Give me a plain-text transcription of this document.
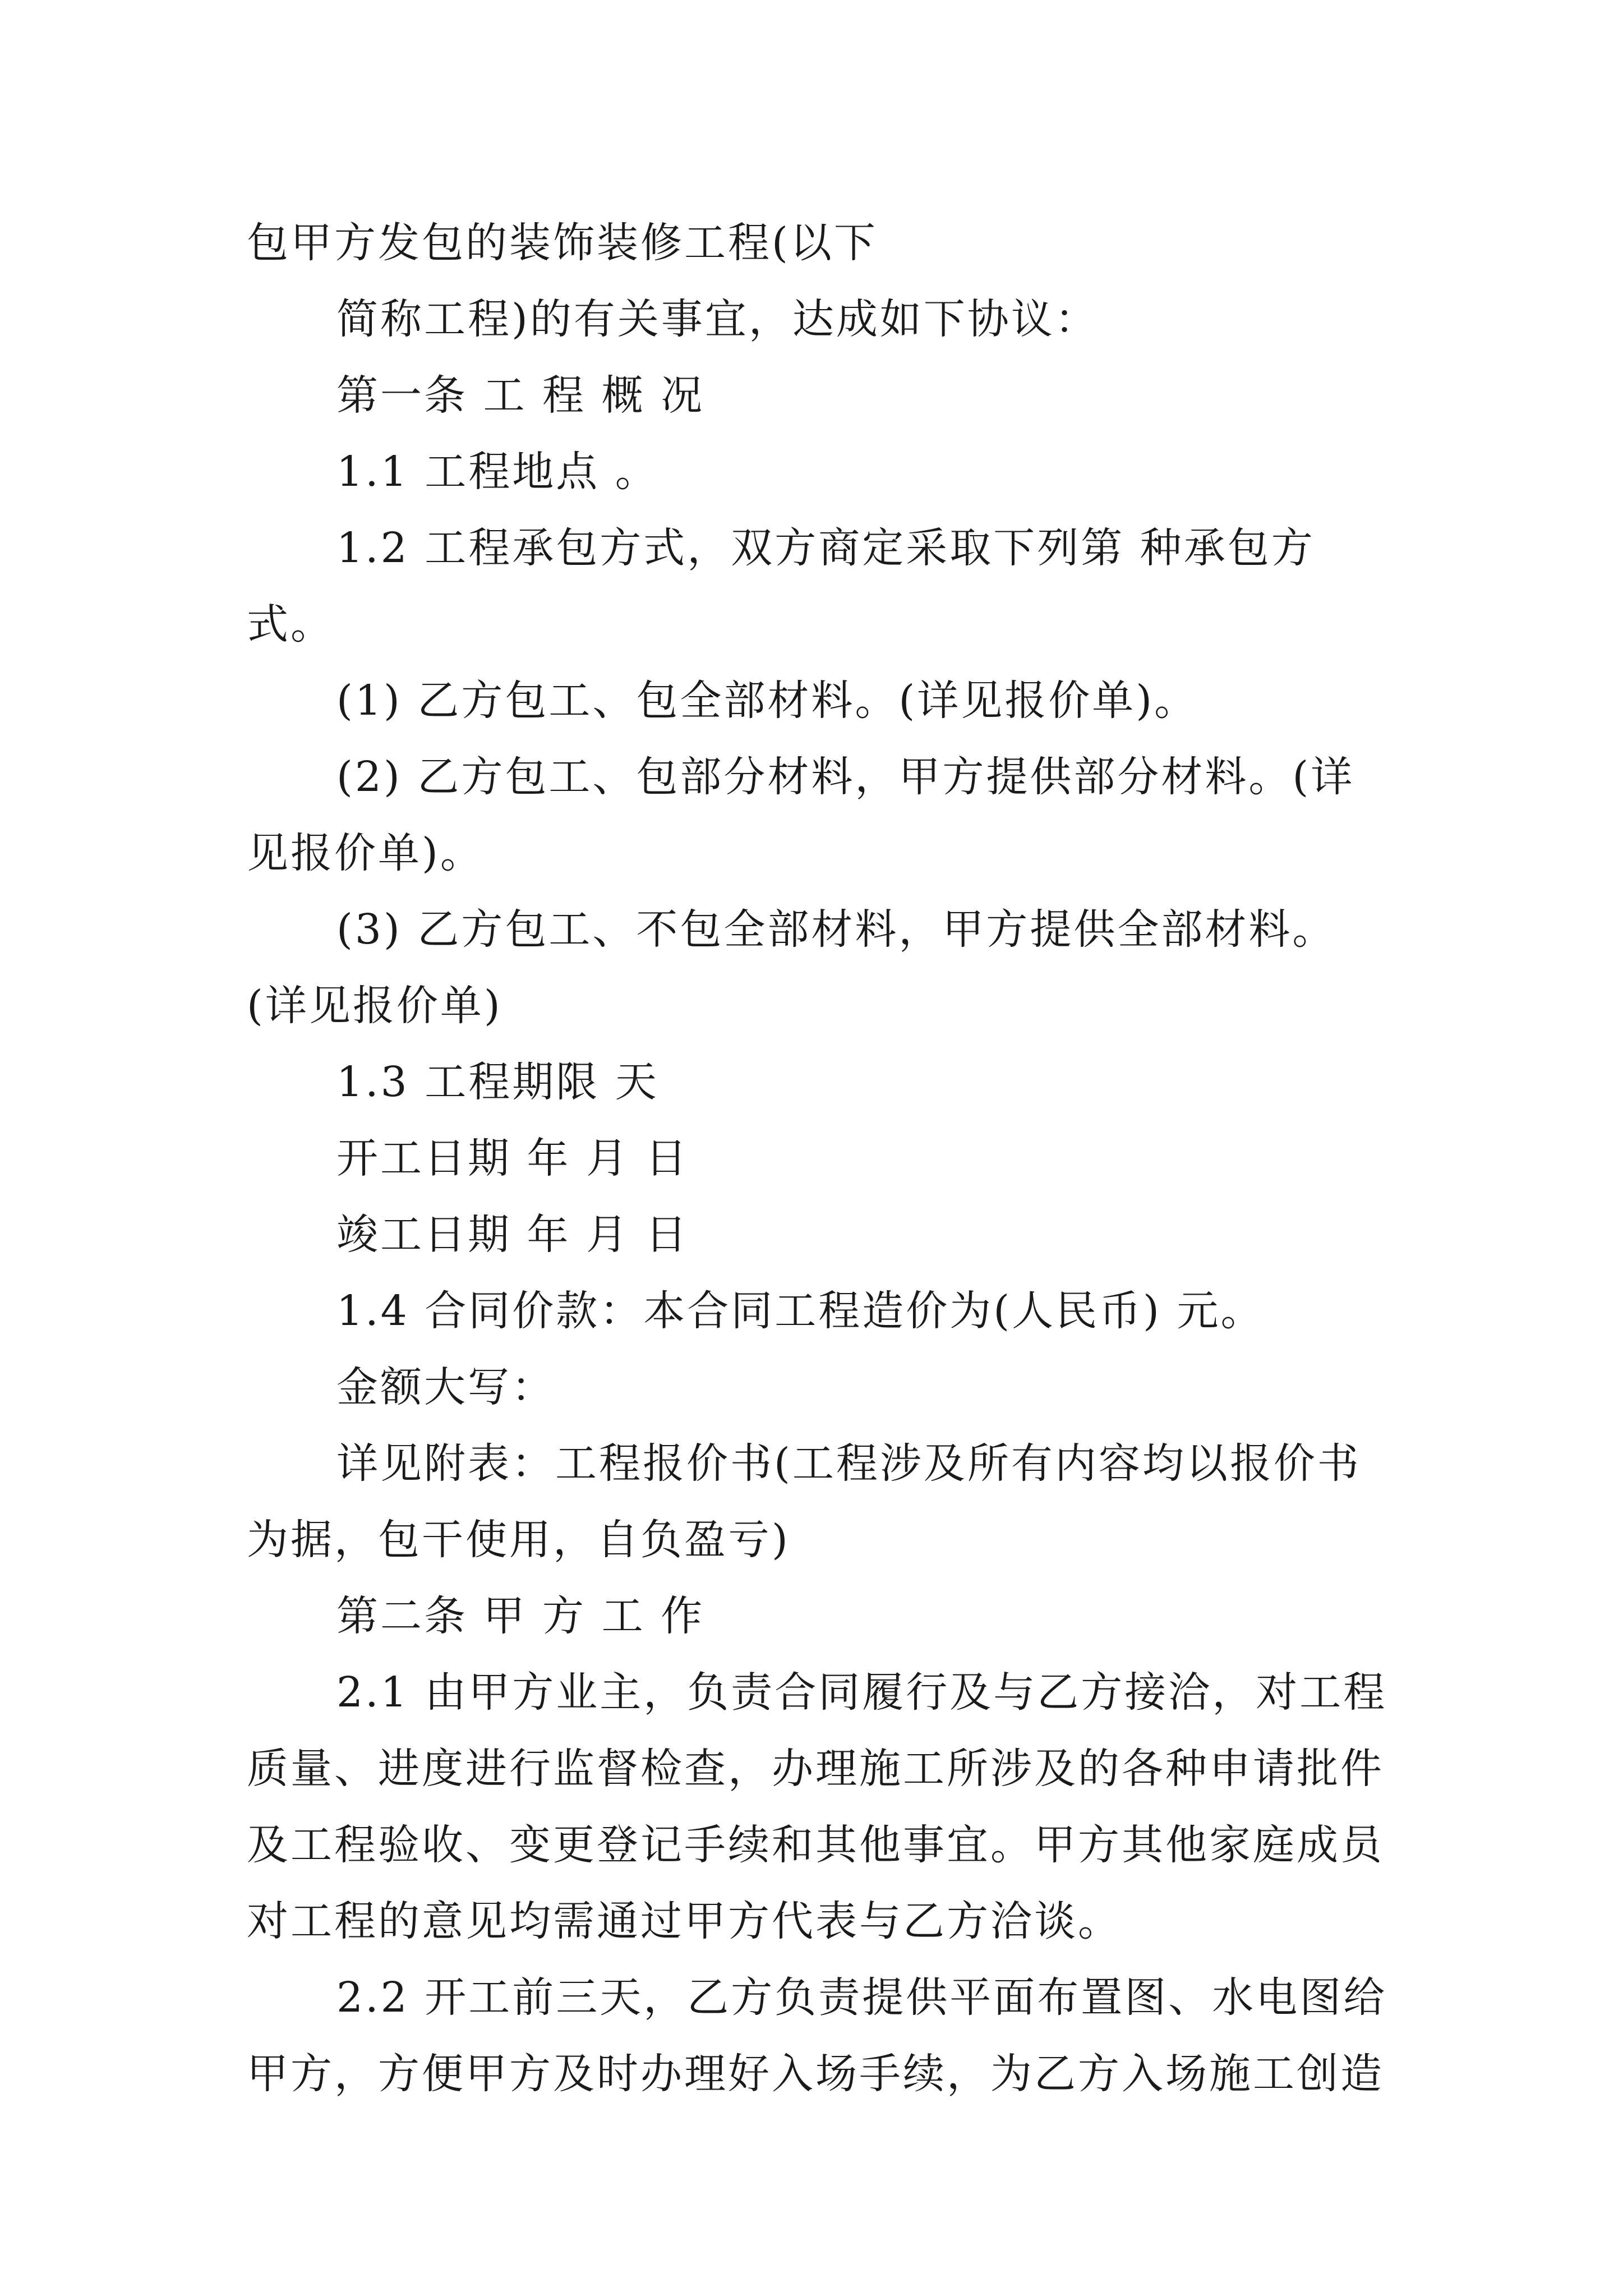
包甲方发包的装饰装修工程(以下

简称工程)的有关事宜，达成如下协议：

第一条 工 程 概 况

1.1 工程地点 。

1.2 工程承包方式，双方商定采取下列第 种承包方式。

(1) 乙方包工、包全部材料。(详见报价单)。

(2) 乙方包工、包部分材料，甲方提供部分材料。(详见报价单)。

(3) 乙方包工、不包全部材料，甲方提供全部材料。(详见报价单)

1.3 工程期限 天

开工日期 年 月 日

竣工日期 年 月 日

1.4 合同价款：本合同工程造价为(人民币) 元。

金额大写：

详见附表：工程报价书(工程涉及所有内容均以报价书为据，包干使用，自负盈亏)

第二条 甲 方 工 作

2.1 由甲方业主，负责合同履行及与乙方接洽，对工程质量、进度进行监督检查，办理施工所涉及的各种申请批件及工程验收、变更登记手续和其他事宜。甲方其他家庭成员对工程的意见均需通过甲方代表与乙方洽谈。

2.2 开工前三天，乙方负责提供平面布置图、水电图给甲方，方便甲方及时办理好入场手续，为乙方入场施工创造
